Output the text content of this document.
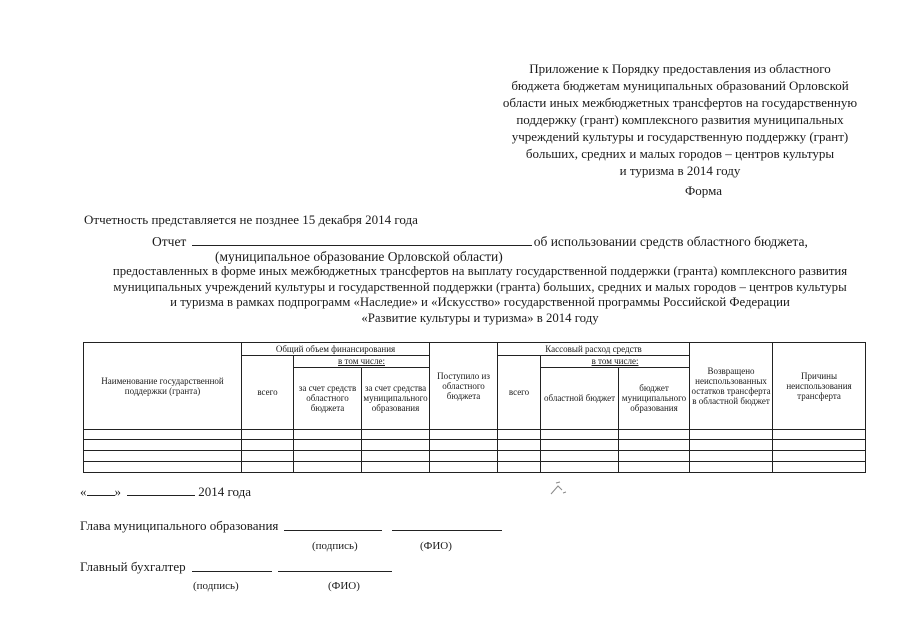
Приложение к Порядку предоставления из областного
бюджета бюджетам муниципальных образований Орловской
области иных межбюджетных трансфертов на государственную
поддержку (грант) комплексного развития муниципальных
учреждений культуры и государственную поддержку (грант)
больших, средних и малых городов – центров культуры
и туризма в 2014 году
Форма
Отчетность представляется не позднее 15 декабря 2014 года
Отчет	об использовании средств областного бюджета,
(муниципальное образование Орловской области)
предоставленных в форме иных межбюджетных трансфертов на выплату государственной поддержки (гранта) комплексного развития
муниципальных учреждений культуры и государственной поддержки (гранта) больших, средних и малых городов – центров культуры
и туризма в рамках подпрограмм «Наследие» и «Искусство» государственной программы Российской Федерации
«Развитие культуры и туризма» в 2014 году
Наименование государственной поддержки (гранта)	Общий объем финансирования			Поступило из областного бюджета	Кассовый расход средств			Возвращено неиспользованных остатков трансферта в областной бюджет	Причины неиспользования трансферта
	всего	в том числе:			всего	в том числе:			
		за счет средств областного бюджета	за счет средства муниципального образования			областной бюджет	бюджет муниципального образования		

« »	2014 года
Глава муниципального образования
(подпись)	(ФИО)
Главный бухгалтер
(подпись)	(ФИО)
